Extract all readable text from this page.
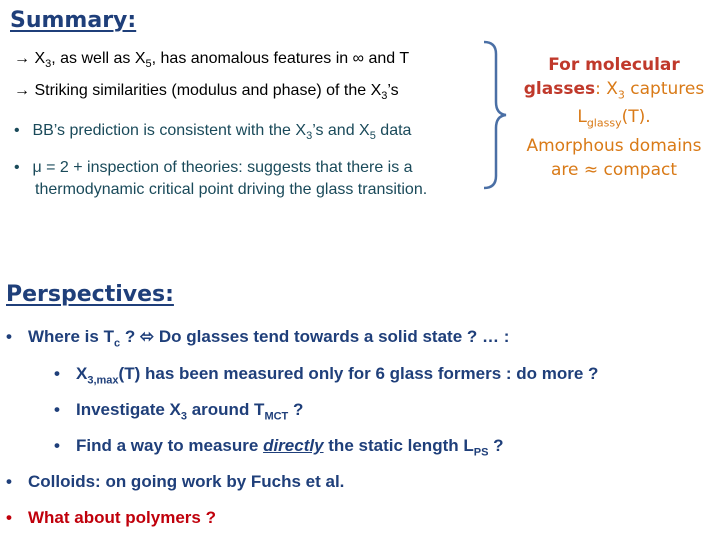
Summary:

→ $X_3$, as well as $X_5$, has anomalous features in ∞ and T

→ Striking similarities (modulus and phase) of the $X_3’s$

• BB’s prediction is consistent with the $X_3’s$ and $X_5$ data

• μ = 2 + inspection of theories: suggests that there is a

thermodynamic critical point driving the glass transition.

For molecular
glasses: $X_3$ captures
$L_{glassy}(T)$.
Amorphous domains
are ≈ compact
Perspectives:

• Where is $T_c$ ? ⬄ Do glasses tend towards a solid state ? … :

• $X_{3,max}(T)$ has been measured only for 6 glass formers : do more ?

• Investigate $X_3$ around $T_{MCT}$ ?

• Find a way to measure directly the static length $L_{PS}$ ?

• Colloids: on going work by Fuchs et al.

• What about polymers ?
